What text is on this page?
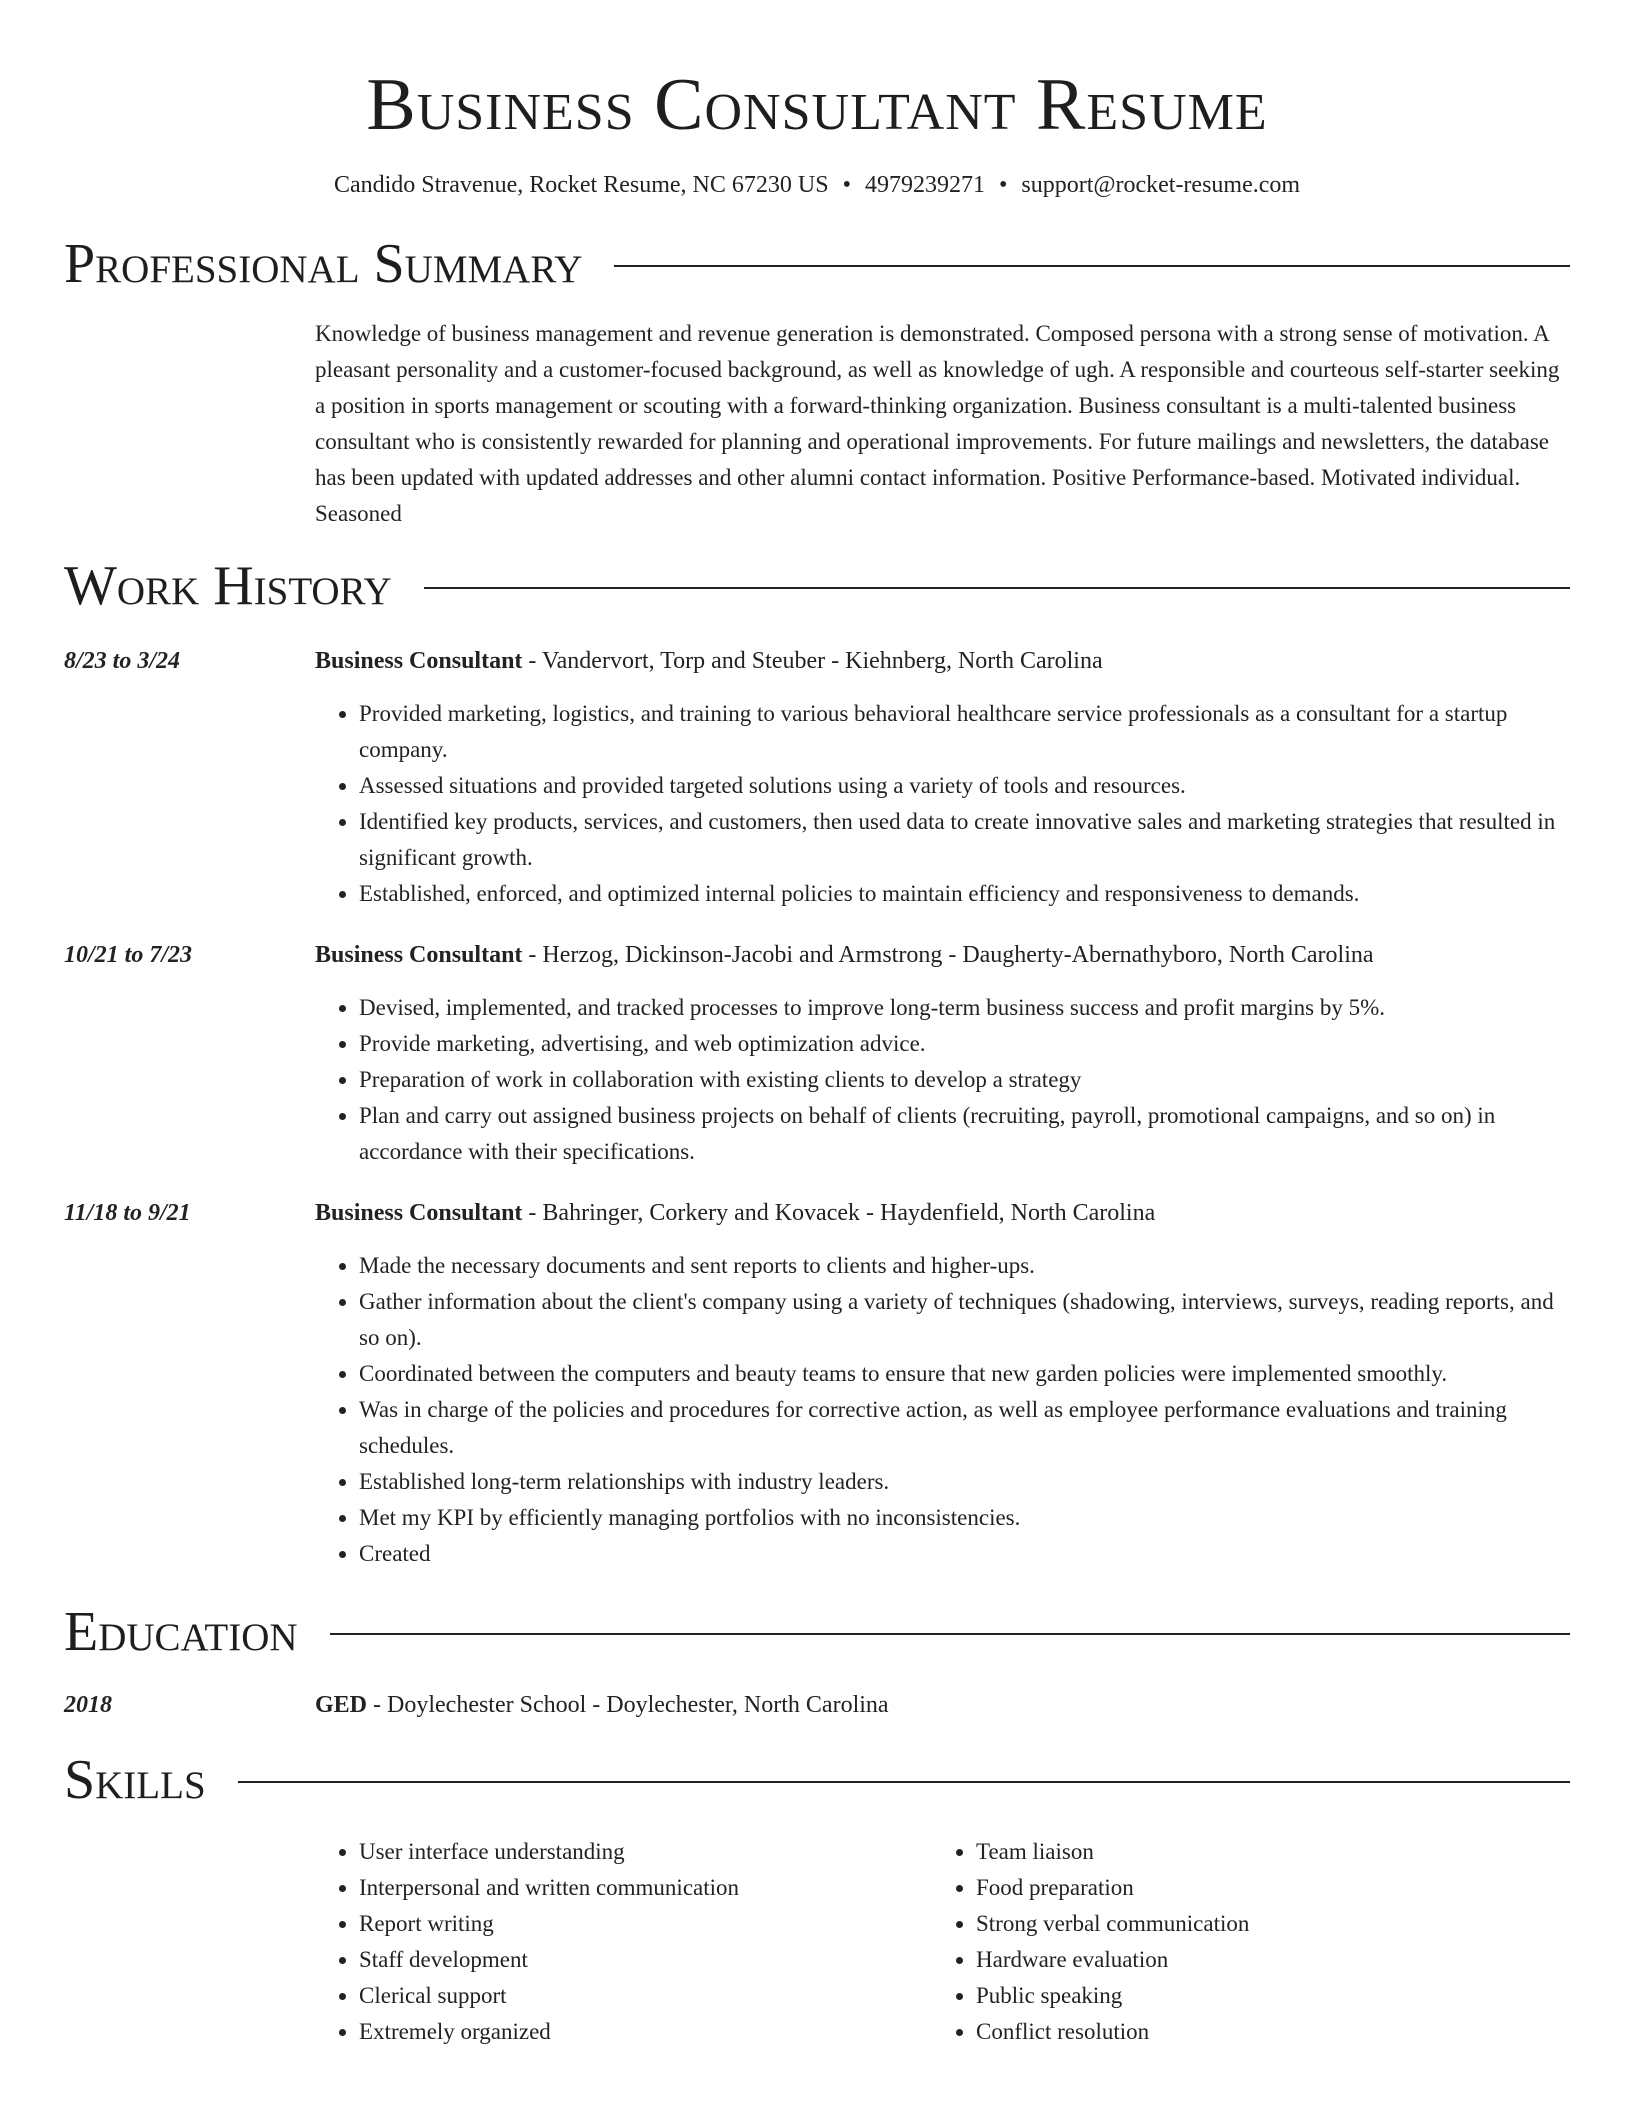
Business Consultant Resume
Candido Stravenue, Rocket Resume, NC 67230 US • 4979239271 • support@rocket-resume.com
Professional Summary
Knowledge of business management and revenue generation is demonstrated. Composed persona with a strong sense of motivation. A pleasant personality and a customer-focused background, as well as knowledge of ugh. A responsible and courteous self-starter seeking a position in sports management or scouting with a forward-thinking organization. Business consultant is a multi-talented business consultant who is consistently rewarded for planning and operational improvements. For future mailings and newsletters, the database has been updated with updated addresses and other alumni contact information. Positive Performance-based. Motivated individual. Seasoned
Work History
8/23 to 3/24	Business Consultant - Vandervort, Torp and Steuber - Kiehnberg, North Carolina
• Provided marketing, logistics, and training to various behavioral healthcare service professionals as a consultant for a startup company.
• Assessed situations and provided targeted solutions using a variety of tools and resources.
• Identified key products, services, and customers, then used data to create innovative sales and marketing strategies that resulted in significant growth.
• Established, enforced, and optimized internal policies to maintain efficiency and responsiveness to demands.
10/21 to 7/23	Business Consultant - Herzog, Dickinson-Jacobi and Armstrong - Daugherty-Abernathyboro, North Carolina
• Devised, implemented, and tracked processes to improve long-term business success and profit margins by 5%.
• Provide marketing, advertising, and web optimization advice.
• Preparation of work in collaboration with existing clients to develop a strategy
• Plan and carry out assigned business projects on behalf of clients (recruiting, payroll, promotional campaigns, and so on) in accordance with their specifications.
11/18 to 9/21	Business Consultant - Bahringer, Corkery and Kovacek - Haydenfield, North Carolina
• Made the necessary documents and sent reports to clients and higher-ups.
• Gather information about the client's company using a variety of techniques (shadowing, interviews, surveys, reading reports, and so on).
• Coordinated between the computers and beauty teams to ensure that new garden policies were implemented smoothly.
• Was in charge of the policies and procedures for corrective action, as well as employee performance evaluations and training schedules.
• Established long-term relationships with industry leaders.
• Met my KPI by efficiently managing portfolios with no inconsistencies.
• Created
Education
2018	GED - Doylechester School - Doylechester, North Carolina
Skills
• User interface understanding
• Interpersonal and written communication
• Report writing
• Staff development
• Clerical support
• Extremely organized
• Team liaison
• Food preparation
• Strong verbal communication
• Hardware evaluation
• Public speaking
• Conflict resolution
